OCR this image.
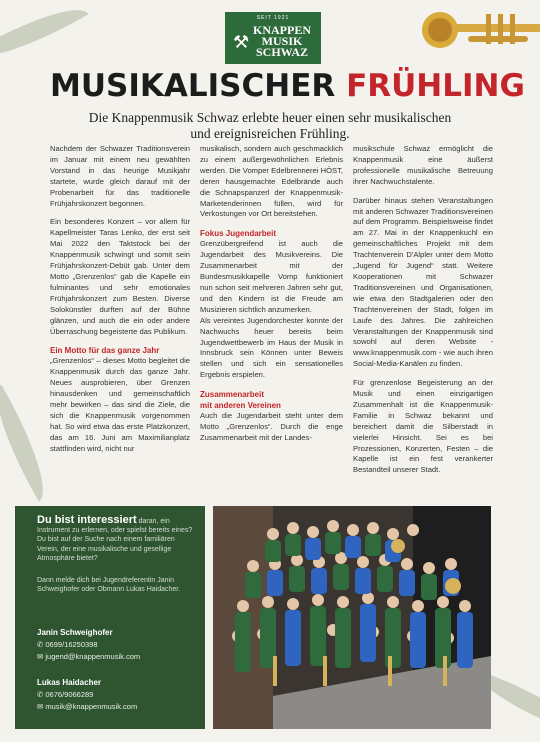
SEIT 1921
⚒
KNAPPEN
MUSIK
SCHWAZ
MUSIKALISCHER FRÜHLING
Die Knappenmusik Schwaz erlebte heuer einen sehr musikalischen und ereignisreichen Frühling.

Nachdem der Schwazer Traditionsverein im Januar mit einem neu gewählten Vorstand in das heurige Musikjahr startete, wurde gleich darauf mit der Probenarbeit für das traditionelle Frühjahrskonzert begonnen.

Ein besonderes Konzert – vor allem für Kapellmeister Taras Lenko, der erst seit Mai 2022 den Taktstock bei der Knappenmusik schwingt und somit sein Frühjahrskonzert-Debüt gab. Unter dem Motto „Grenzenlos“ gab die Kapelle ein fulminantes und sehr emotionales Frühjahrskonzert zum Besten. Diverse Solokünstler durften auf der Bühne glänzen, und auch die ein oder andere Überraschung begeisterte das Publikum.

Ein Motto für das ganze Jahr

„Grenzenlos“ – dieses Motto begleitet die Knappenmusik durch das ganze Jahr. Neues ausprobieren, über Grenzen hinausdenken und gemeinschaftlich mehr bewirken – das sind die Ziele, die sich die Knappenmusik vorgenommen hat. So wird etwa das erste Platzkonzert, das am 16. Juni am Maximilianplatz stattfinden wird, nicht nur

musikalisch, sondern auch geschmacklich zu einem außergewöhnlichen Erlebnis werden. Die Vomper Edelbrennerei HÖST, deren hausgemachte Edelbrände auch die Schnapspanzerl der Knappenmusik-Marketenderinnen füllen, wird für Verkostungen vor Ort bereitstehen.

Fokus Jugendarbeit

Grenzübergreifend ist auch die Jugendarbeit des Musikvereins. Die Zusammenarbeit mit der Bundesmusikkapelle Vomp funktioniert nun schon seit mehreren Jahren sehr gut, und den Kindern ist die Freude am Musizieren sichtlich anzumerken.

Als vereintes Jugendorchester konnte der Nachwuchs heuer bereits beim Jugendwettbewerb im Haus der Musik in Innsbruck sein Können unter Beweis stellen und sich ein sensationelles Ergebnis erspielen.

Zusammenarbeit
mit anderen Vereinen

Auch die Jugendarbeit steht unter dem Motto „Grenzenlos“. Durch die enge Zusammenarbeit mit der Landes-

musikschule Schwaz ermöglicht die Knappenmusik eine äußerst professionelle musikalische Betreuung ihrer Nachwuchstalente.

Darüber hinaus stehen Veranstaltungen mit anderen Schwazer Traditionsvereinen auf dem Programm. Beispielsweise findet am 27. Mai in der Knappenkuchl ein gemeinschaftliches Projekt mit dem Trachtenverein D'Alpler unter dem Motto „Jugend für Jugend“ statt. Weitere Kooperationen mit Schwazer Traditionsvereinen und Organisationen, wie etwa den Stadtgalerien oder den Trachtenvereinen der Stadt, folgen im Laufe des Jahres. Die zahlreichen Veranstaltungen der Knappenmusik sind sowohl auf deren Website - www.knappenmusik.com - wie auch ihren Social-Media-Kanälen zu finden.

Für grenzenlose Begeisterung an der Musik und einen einzigartigen Zusammenhalt ist die Knappenmusik-Familie in Schwaz bekannt und bereichert damit die Silberstadt in vielerlei Hinsicht. Sei es bei Prozessionen, Konzerten, Festen – die Kapelle ist ein fest verankerter Bestandteil unserer Stadt.

Du bist interessiert daran, ein Instrument zu erlernen, oder spielst bereits eines? Du bist auf der Suche nach einem familiären Verein, der eine musikalische und gesellige Atmosphäre bietet?
Dann melde dich bei Jugendreferentin Janin Schweighofer oder Obmann Lukas Haidacher.
Janin Schweighofer
✆ 0699/16250398
✉ jugend@knappenmusik.com
Lukas Haidacher
✆ 0676/9066289
✉ musik@knappenmusik.com
